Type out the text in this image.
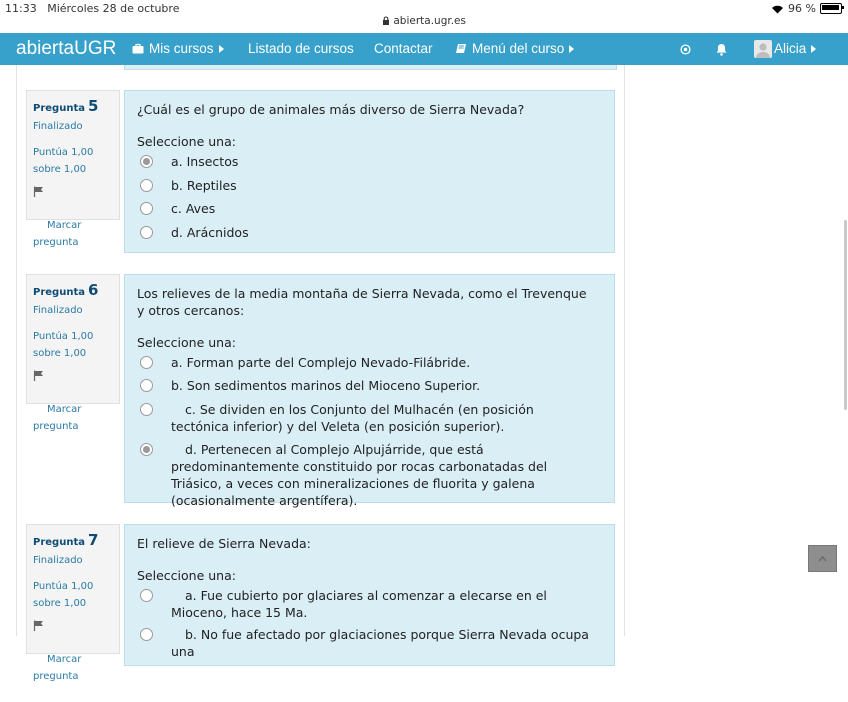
11:33 Miércoles 28 de octubre
abierta.ugr.es
96 %
abiertaUGR Mis cursos	Listado de cursos Contactar	Menú del curso	Alicia
Pregunta 5
Finalizado
Puntúa 1,00
sobre 1,00

Marcar
pregunta

¿Cuál es el grupo de animales más diverso de Sierra Nevada?
Seleccione una:
a. Insectos
b. Reptiles
c. Aves
d. Arácnidos
Pregunta 6
Finalizado
Puntúa 1,00
sobre 1,00

Marcar
pregunta

Los relieves de la media montaña de Sierra Nevada, como el Trevenque y otros cercanos:
Seleccione una:
a. Forman parte del Complejo Nevado-Filábride.
b. Son sedimentos marinos del Mioceno Superior.
c. Se dividen en los Conjunto del Mulhacén (en posición tectónica inferior) y del Veleta (en posición superior).
d. Pertenecen al Complejo Alpujárride, que está predominantemente constituido por rocas carbonatadas del Triásico, a veces con mineralizaciones de fluorita y galena (ocasionalmente argentífera).
Pregunta 7
Finalizado
Puntúa 1,00
sobre 1,00

Marcar
pregunta

El relieve de Sierra Nevada:
Seleccione una:
a. Fue cubierto por glaciares al comenzar a elecarse en el Mioceno, hace 15 Ma.
b. No fue afectado por glaciaciones porque Sierra Nevada ocupa una
